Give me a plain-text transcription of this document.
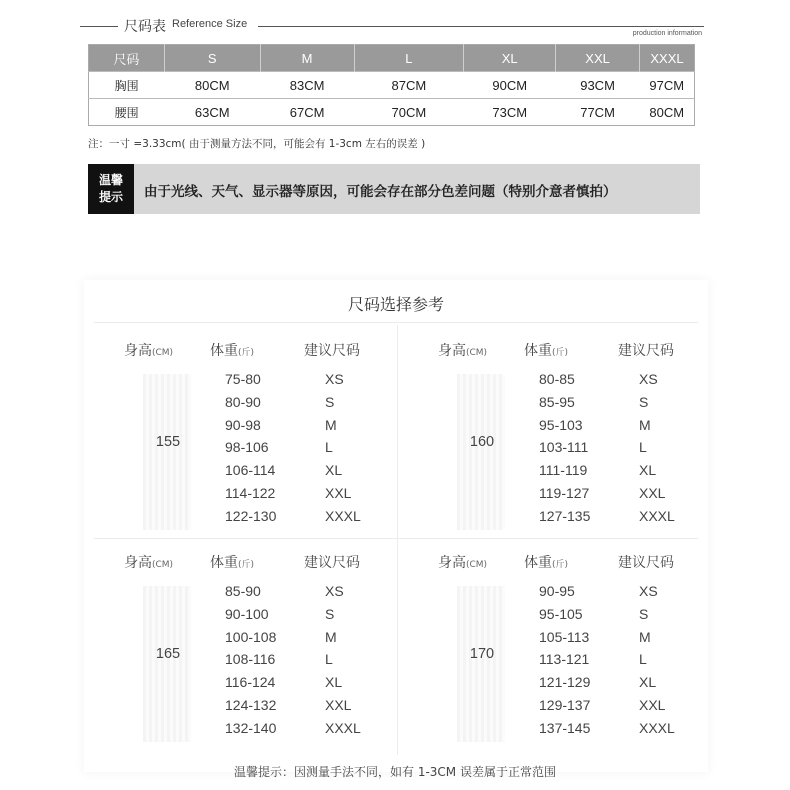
尺码表 Reference Size
production information
尺码	S	M	L	XL	XXL	XXXL
胸围	80CM	83CM	87CM	90CM	93CM	97CM
腰围	63CM	67CM	70CM	73CM	77CM	80CM
注：一寸 =3.33cm( 由于测量方法不同，可能会有 1-3cm 左右的误差 )
温馨
提示	由于光线、天气、显示器等原因，可能会存在部分色差问题（特别介意者慎拍）
尺码选择参考
身高(CM)	体重(斤)	建议尺码
155
75-80	XS
80-90	S
90-98	M
98-106	L
106-114	XL
114-122	XXL
122-130	XXXL
身高(CM)	体重(斤)	建议尺码
160
80-85	XS
85-95	S
95-103	M
103-111	L
111-119	XL
119-127	XXL
127-135	XXXL
身高(CM)	体重(斤)	建议尺码
165
85-90	XS
90-100	S
100-108	M
108-116	L
116-124	XL
124-132	XXL
132-140	XXXL
身高(CM)	体重(斤)	建议尺码
170
90-95	XS
95-105	S
105-113	M
113-121	L
121-129	XL
129-137	XXL
137-145	XXXL
温馨提示：因测量手法不同，如有 1-3CM 误差属于正常范围
